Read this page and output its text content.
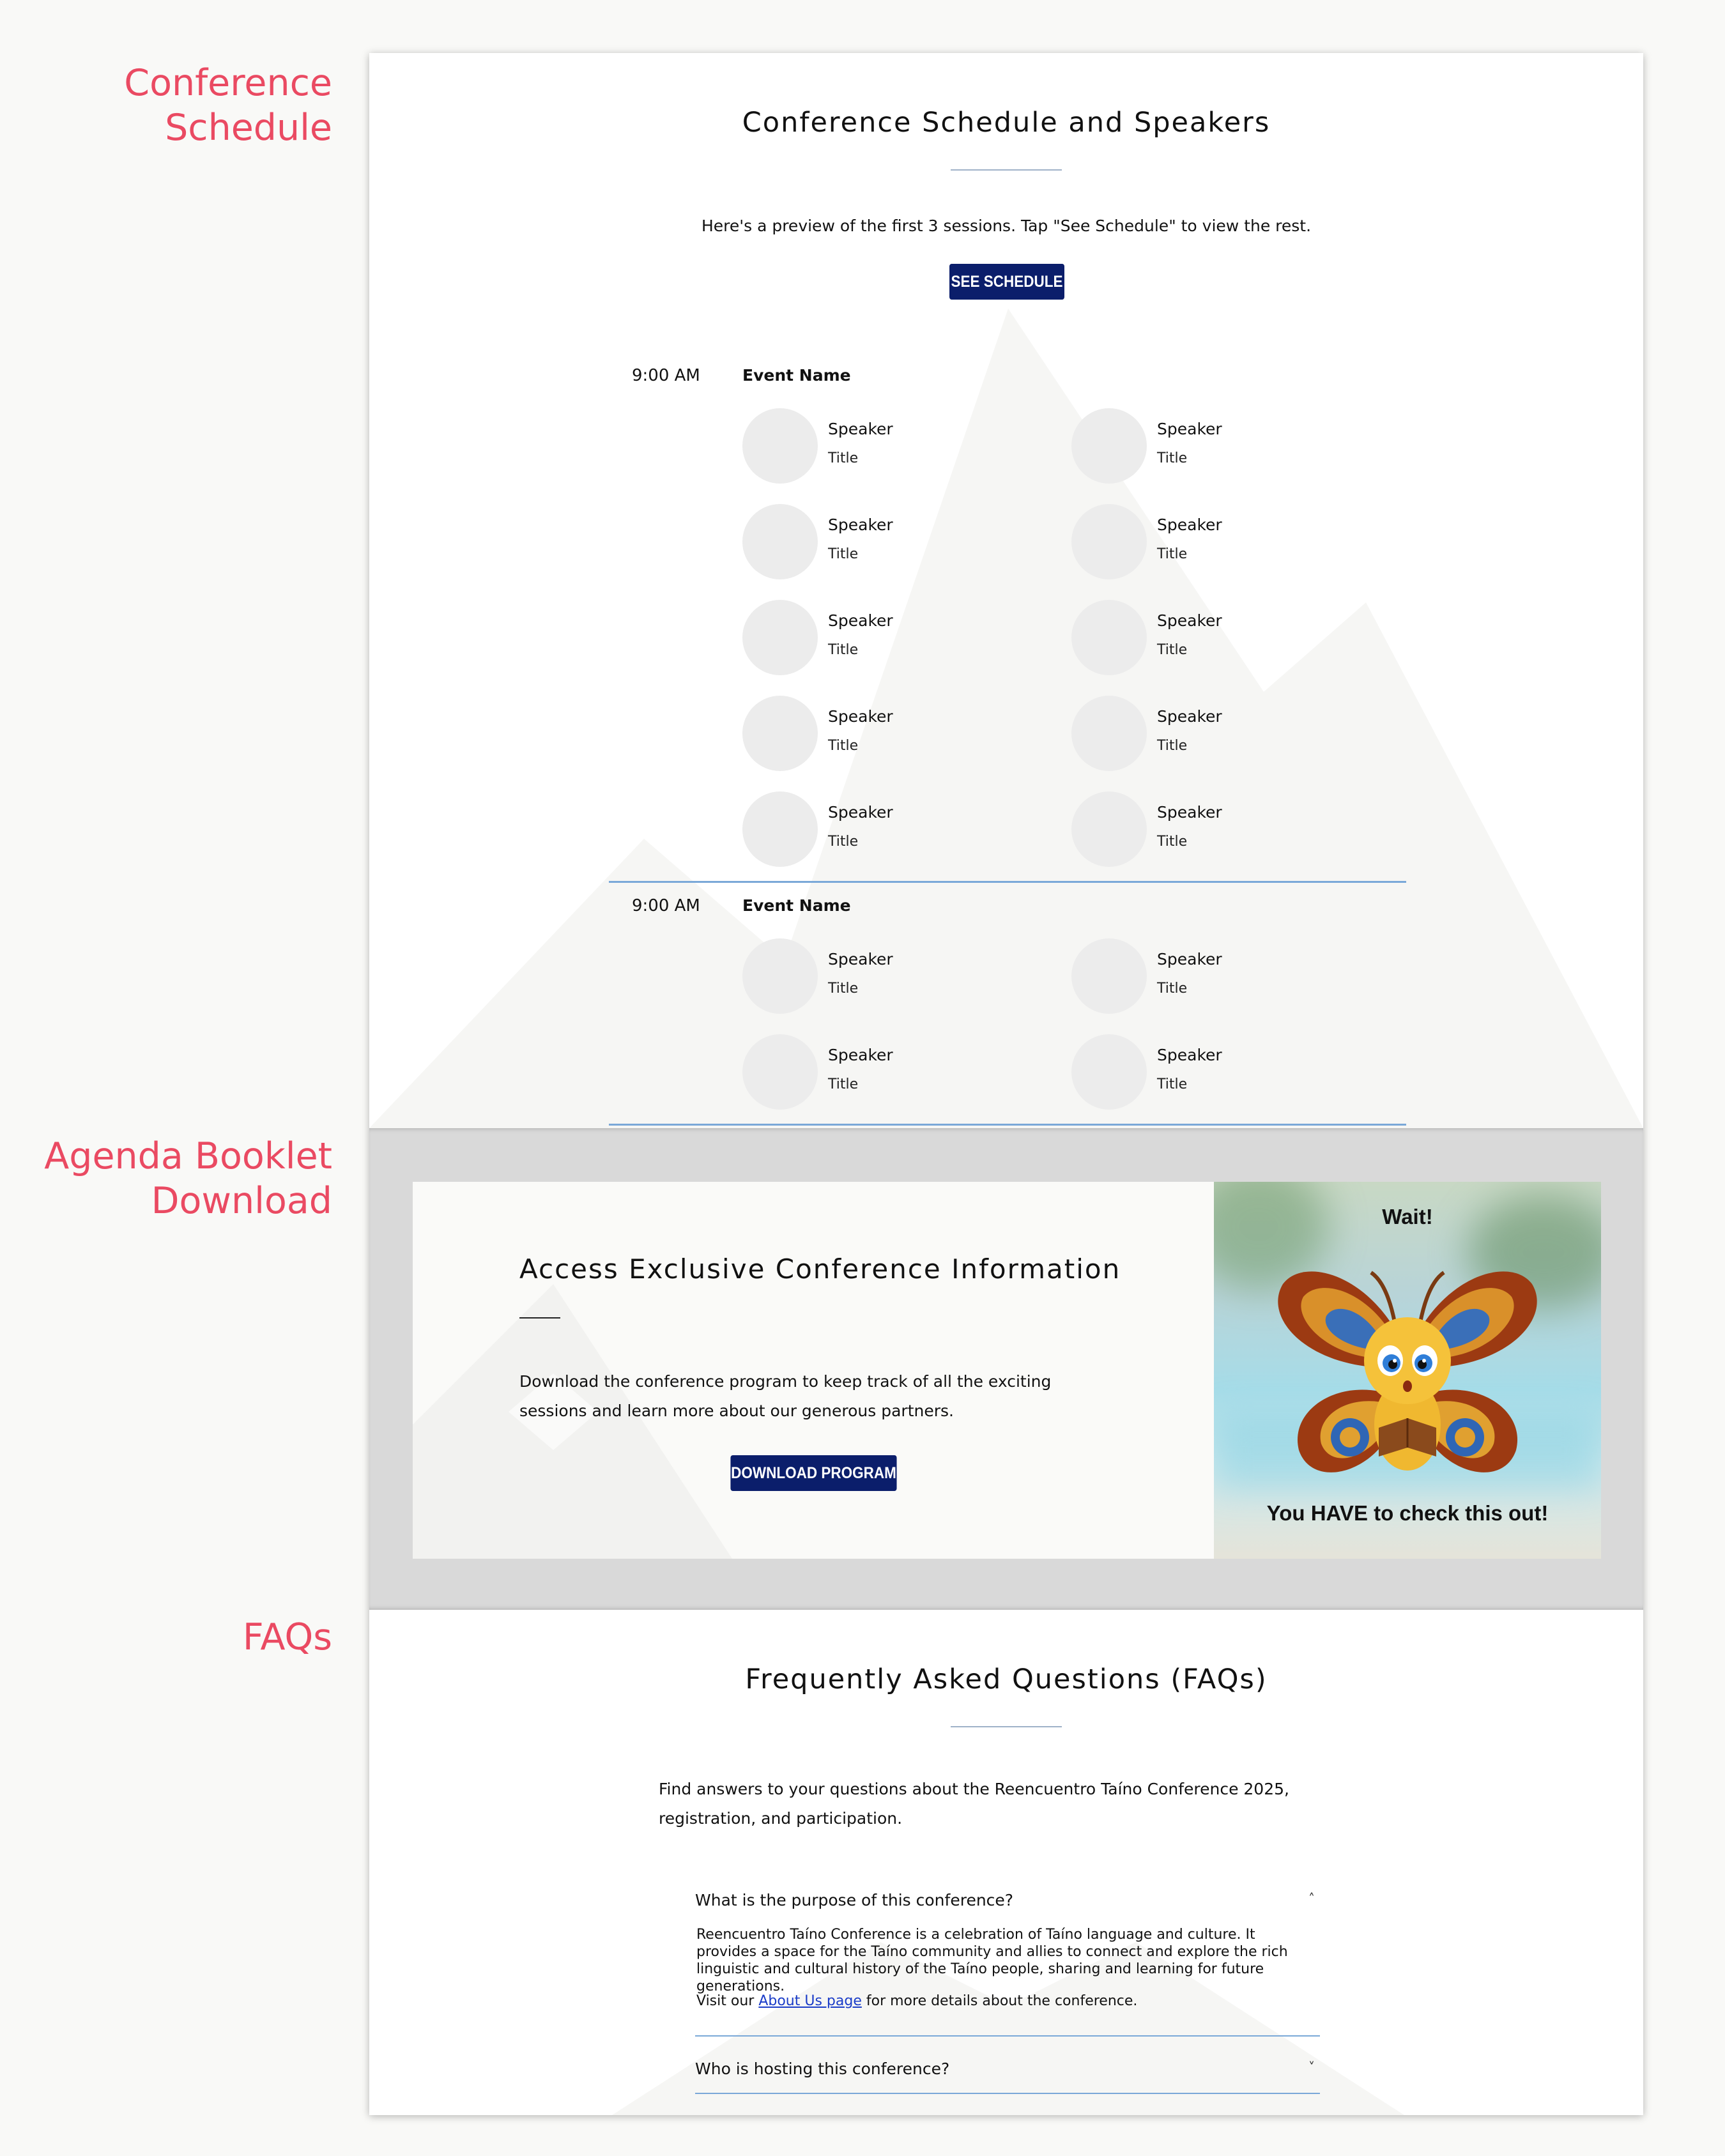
Conference
Schedule
Agenda Booklet
Download
FAQs
Conference Schedule and Speakers
Here's a preview of the first 3 sessions. Tap "See Schedule" to view the rest.
SEE SCHEDULE
9:00 AM	Event Name
Speaker
Title
Speaker
Title
Speaker
Title
Speaker
Title
Speaker
Title
Speaker
Title
Speaker
Title
Speaker
Title
Speaker
Title
Speaker
Title
9:00 AM	Event Name
Speaker
Title
Speaker
Title
Speaker
Title
Speaker
Title
Access Exclusive Conference Information
Download the conference program to keep track of all the exciting sessions and learn more about our generous partners.
DOWNLOAD PROGRAM
Wait!
You HAVE to check this out!
Frequently Asked Questions (FAQs)
Find answers to your questions about the Reencuentro Taíno Conference 2025, registration, and participation.
What is the purpose of this conference?	˄
Reencuentro Taíno Conference is a celebration of Taíno language and culture. It provides a space for the Taíno community and allies to connect and explore the rich linguistic and cultural history of the Taíno people, sharing and learning for future generations.
Visit our About Us page for more details about the conference.
Who is hosting this conference?	˅
